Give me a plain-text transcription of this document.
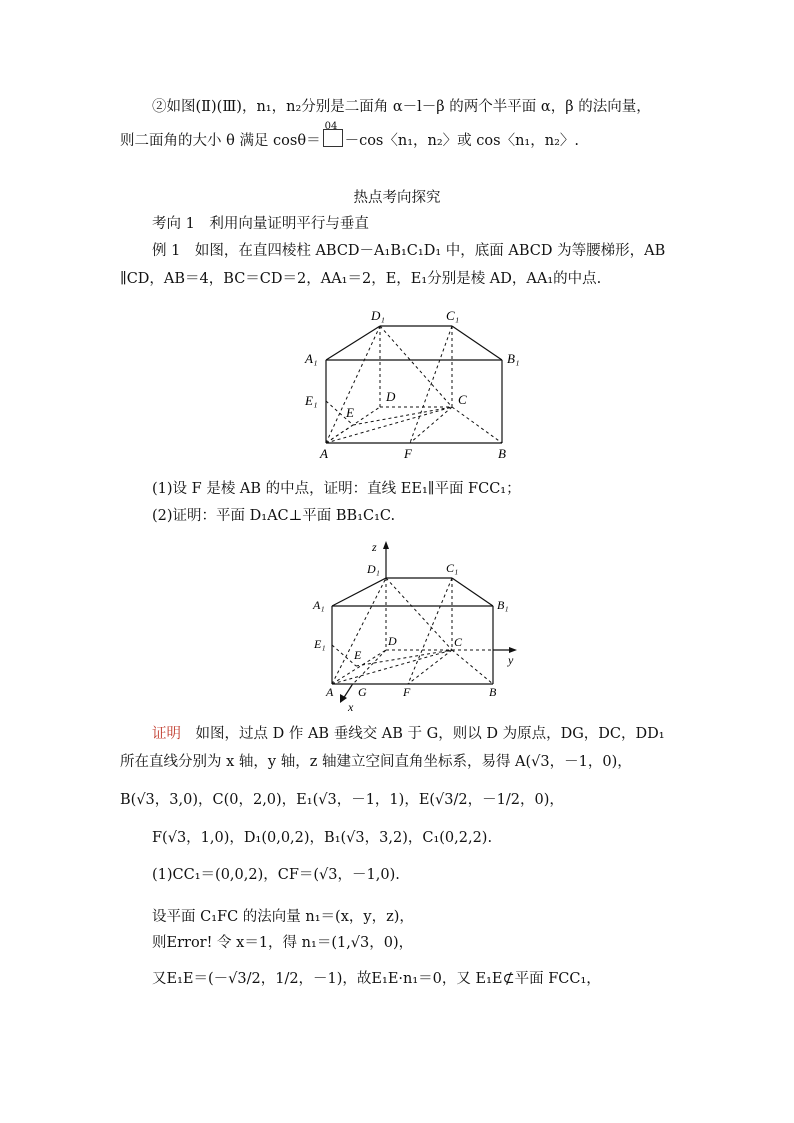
②如图(Ⅱ)(Ⅲ)，n₁，n₂分别是二面角 α－l－β 的两个半平面 α，β 的法向量，
则二面角的大小 θ 满足 cosθ＝
04
－cos〈n₁，n₂〉或 cos〈n₁，n₂〉.
热点考向探究
考向 1　利用向量证明平行与垂直
例 1　如图，在直四棱柱 ABCD－A₁B₁C₁D₁ 中，底面 ABCD 为等腰梯形，AB
∥CD，AB＝4，BC＝CD＝2，AA₁＝2，E，E₁分别是棱 AD，AA₁的中点.
D₁	C₁
A₁	B₁
E₁	D
E
C
A	F	B
(1)设 F 是棱 AB 的中点，证明：直线 EE₁∥平面 FCC₁；
(2)证明：平面 D₁AC⊥平面 BB₁C₁C.
z
D₁	C₁
A₁	B₁
E₁	D	C
y
E
A G	F	B
x
证明　 如图，过点 D 作 AB 垂线交 AB 于 G，则以 D 为原点，DG，DC，DD₁
所在直线分别为 x 轴，y 轴，z 轴建立空间直角坐标系，易得 A(√3，－1，0)，
B(√3，3,0)，C(0，2,0)，E₁(√3，－1，1)，E(√3/2，－1/2，0)，
F(√3，1,0)，D₁(0,0,2)，B₁(√3，3,2)，C₁(0,2,2).
(1)CC₁＝(0,0,2)，CF＝(√3，－1,0).
设平面 C₁FC 的法向量 n₁＝(x，y，z)，
则Error! 令 x＝1，得 n₁＝(1,√3，0)，
又E₁E＝(－√3/2，1/2，－1)，故E₁E·n₁＝0，又 E₁E⊄平面 FCC₁，
